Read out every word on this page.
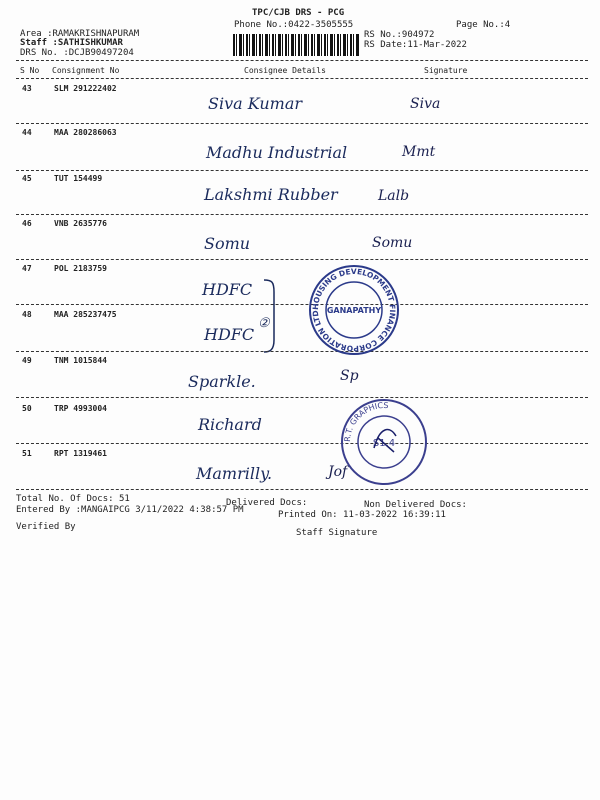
TPC/CJB DRS - PCG
Phone No.:0422-3505555	Page No.:4
Area :RAMAKRISHNAPURAM
Staff :SATHISHKUMAR
DRS No. :DCJB90497204
RS No.:904972
RS Date:11-Mar-2022
S No Consignment No	Consignee Details	Signature
43	SLM 291222402
Siva Kumar	Siva
44	MAA 280286063
Madhu Industrial	Mmt
45	TUT 154499
Lakshmi Rubber	Lalb
46	VNB 2635776
Somu	Somu
47	POL 2183759
HDFC
48	MAA 285237475
HDFC
②
49	TNM 1015844
Sparkle.	Sp
50	TRP 4993004
Richard
51	RPT 1319461
Mamrilly.	Jof
HOUSING DEVELOPMENT FINANCE CORPORATION LTD GANAPATHY
R.T. GRAPHICS
S1.4
Total No. Of Docs: 51	Delivered Docs:	Non Delivered Docs:
Entered By :MANGAIPCG 3/11/2022 4:38:57 PM	Printed On: 11-03-2022 16:39:11
Verified By
Staff Signature
